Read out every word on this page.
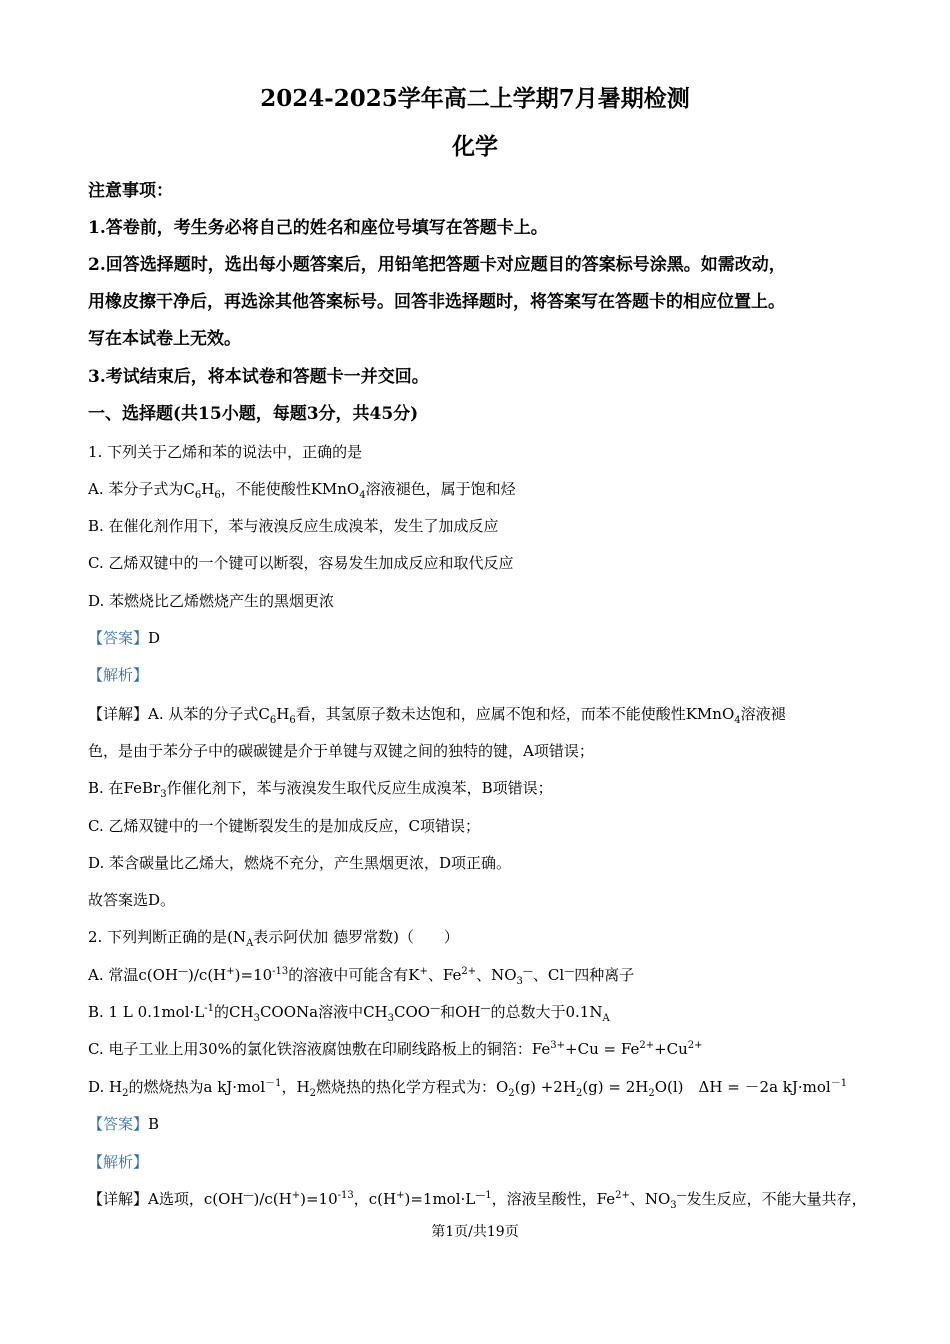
2024-2025学年高二上学期7月暑期检测
化学
注意事项：
1.答卷前，考生务必将自己的姓名和座位号填写在答题卡上。
2.回答选择题时，选出每小题答案后，用铅笔把答题卡对应题目的答案标号涂黑。如需改动，
用橡皮擦干净后，再选涂其他答案标号。回答非选择题时，将答案写在答题卡的相应位置上。
写在本试卷上无效。
3.考试结束后，将本试卷和答题卡一并交回。
一、选择题(共15小题，每题3分，共45分)
1. 下列关于乙烯和苯的说法中，正确的是
A. 苯分子式为$C_6H_6$，不能使酸性KMnO$_4$溶液褪色，属于饱和烃
B. 在催化剂作用下，苯与液溴反应生成溴苯，发生了加成反应
C. 乙烯双键中的一个键可以断裂，容易发生加成反应和取代反应
D. 苯燃烧比乙烯燃烧产生的黑烟更浓
【答案】D
【解析】
【详解】A. 从苯的分子式$C_6H_6$看，其氢原子数未达饱和，应属不饱和烃，而苯不能使酸性KMnO$_4$溶液褪
色，是由于苯分子中的碳碳键是介于单键与双键之间的独特的键，A项错误；
B. 在FeBr$_3$作催化剂下，苯与液溴发生取代反应生成溴苯，B项错误；
C. 乙烯双键中的一个键断裂发生的是加成反应，C项错误；
D. 苯含碳量比乙烯大，燃烧不充分，产生黑烟更浓，D项正确。
故答案选D。
2. 下列判断正确的是($N_A$表示阿伏加 德罗常数)（　　）
A. 常温$c(OH^—)/c(H^+)=10^{-13}$的溶液中可能含有K+、$Fe^{2+}$、$NO_3^—$、Cl—四种离子
B. 1 L $0.1mol\cdot L^{-1}$的$CH_3COONa$溶液中$CH_3COO^—$和OH—的总数大于$0.1N_A$
C. 电子工业上用30%的氯化铁溶液腐蚀敷在印刷线路板上的铜箔：$Fe^{3+}+Cu = Fe^{2+}+Cu^{2+}$
D. $H_2$的燃烧热为a kJ·mol$^{-1}$，$H_2$燃烧热的热化学方程式为：$O_2(g) +2H_2(g) = 2H_2O(l)$　ΔH = －2a kJ·mol$^{-1}$
【答案】B
【解析】
【详解】A选项，$c(OH^—)/c(H^+)=10^{-13}$，$c(H^+)=1mol\cdot L^{—1}$，溶液呈酸性，$Fe^{2+}$、$NO_3^—$发生反应，不能大量共存，
第1页/共19页
